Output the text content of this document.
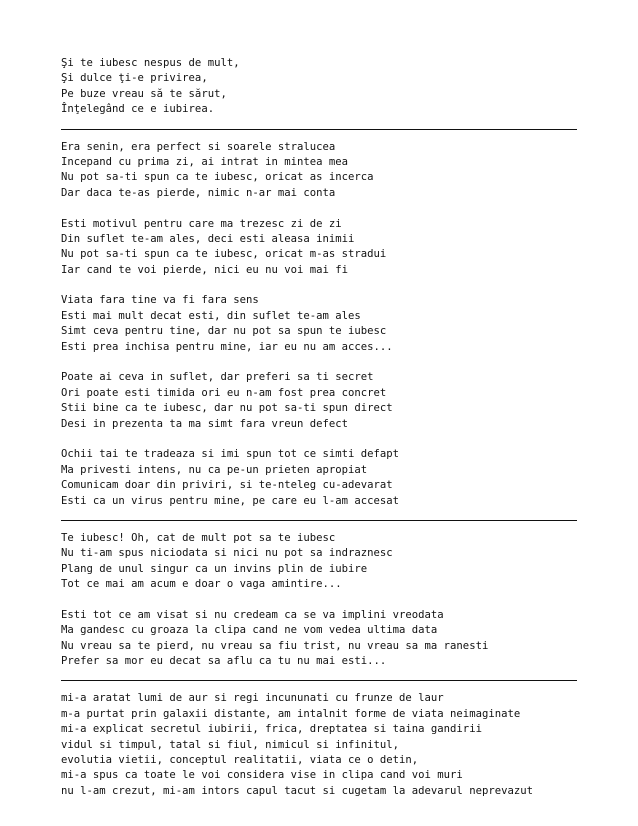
Şi te iubesc nespus de mult,
Şi dulce ţi-e privirea,
Pe buze vreau să te sărut,
Înţelegând ce e iubirea.
Era senin, era perfect si soarele stralucea
Incepand cu prima zi, ai intrat in mintea mea
Nu pot sa-ti spun ca te iubesc, oricat as incerca
Dar daca te-as pierde, nimic n-ar mai conta
Esti motivul pentru care ma trezesc zi de zi
Din suflet te-am ales, deci esti aleasa inimii
Nu pot sa-ti spun ca te iubesc, oricat m-as stradui
Iar cand te voi pierde, nici eu nu voi mai fi
Viata fara tine va fi fara sens
Esti mai mult decat esti, din suflet te-am ales
Simt ceva pentru tine, dar nu pot sa spun te iubesc
Esti prea inchisa pentru mine, iar eu nu am acces...
Poate ai ceva in suflet, dar preferi sa ti secret
Ori poate esti timida ori eu n-am fost prea concret
Stii bine ca te iubesc, dar nu pot sa-ti spun direct
Desi in prezenta ta ma simt fara vreun defect
Ochii tai te tradeaza si imi spun tot ce simti defapt
Ma privesti intens, nu ca pe-un prieten apropiat
Comunicam doar din priviri, si te-nteleg cu-adevarat
Esti ca un virus pentru mine, pe care eu l-am accesat
Te iubesc! Oh, cat de mult pot sa te iubesc
Nu ti-am spus niciodata si nici nu pot sa indraznesc
Plang de unul singur ca un invins plin de iubire
Tot ce mai am acum e doar o vaga amintire...
Esti tot ce am visat si nu credeam ca se va implini vreodata
Ma gandesc cu groaza la clipa cand ne vom vedea ultima data
Nu vreau sa te pierd, nu vreau sa fiu trist, nu vreau sa ma ranesti
Prefer sa mor eu decat sa aflu ca tu nu mai esti...
mi-a aratat lumi de aur si regi incununati cu frunze de laur
m-a purtat prin galaxii distante, am intalnit forme de viata neimaginate
mi-a explicat secretul iubirii, frica, dreptatea si taina gandirii
vidul si timpul, tatal si fiul, nimicul si infinitul,
evolutia vietii, conceptul realitatii, viata ce o detin,
mi-a spus ca toate le voi considera vise in clipa cand voi muri
nu l-am crezut, mi-am intors capul tacut si cugetam la adevarul neprevazut
